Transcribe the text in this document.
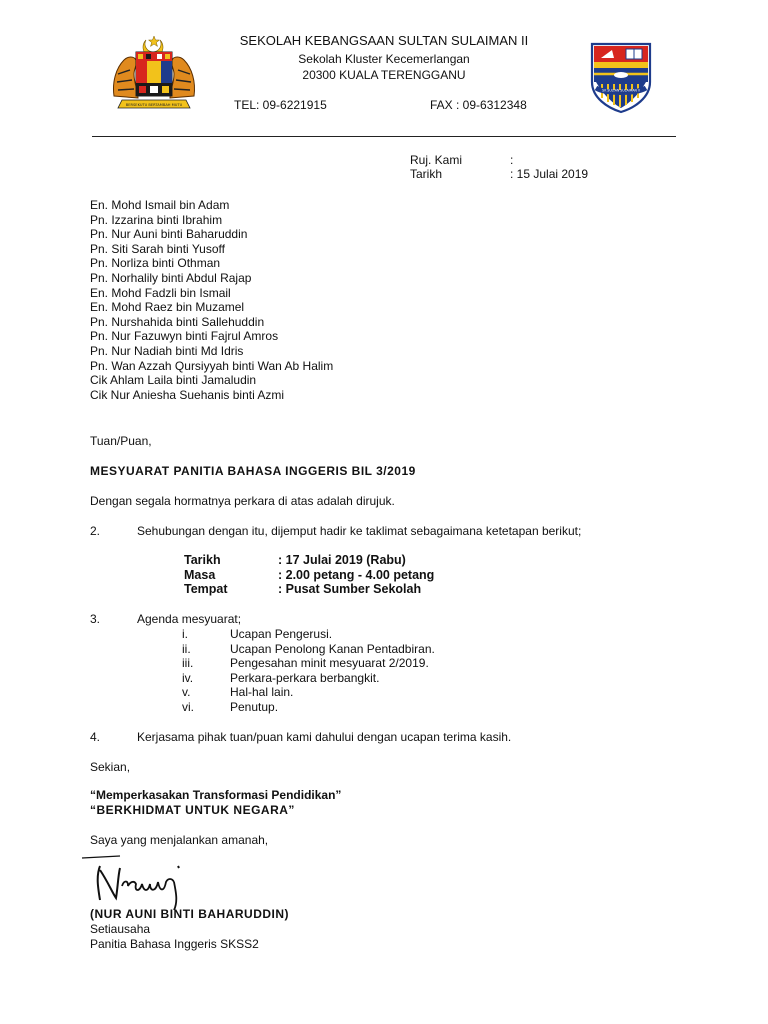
BERSEKUTU BERTAMBAH MUTU
SEKOLAH KEBANGSAAN SULTAN SULAIMAN II
Sekolah Kluster Kecemerlangan
20300 KUALA TERENGGANU
TEL: 09-6221915	FAX : 09-6312348
SK SULTAN SULAIMAN II
Ruj. Kami	:
Tarikh	: 15 Julai 2019
En. Mohd Ismail bin Adam
Pn. Izzarina binti Ibrahim
Pn. Nur Auni binti Baharuddin
Pn. Siti Sarah binti Yusoff
Pn. Norliza binti Othman
Pn. Norhalily binti Abdul Rajap
En. Mohd Fadzli bin Ismail
En. Mohd Raez bin Muzamel
Pn. Nurshahida binti Sallehuddin
Pn. Nur Fazuwyn binti Fajrul Amros
Pn. Nur Nadiah binti Md Idris
Pn. Wan Azzah Qursiyyah binti Wan Ab Halim
Cik Ahlam Laila binti Jamaludin
Cik Nur Aniesha Suehanis binti Azmi
Tuan/Puan,
MESYUARAT PANITIA BAHASA INGGERIS BIL 3/2019
Dengan segala hormatnya perkara di atas adalah dirujuk.
2.	Sehubungan dengan itu, dijemput hadir ke taklimat sebagaimana ketetapan berikut;
Tarikh	: 17 Julai 2019 (Rabu)
Masa	: 2.00 petang - 4.00 petang
Tempat	: Pusat Sumber Sekolah
3.	Agenda mesyuarat;
i.	Ucapan Pengerusi.
ii.	Ucapan Penolong Kanan Pentadbiran.
iii.	Pengesahan minit mesyuarat 2/2019.
iv.	Perkara-perkara berbangkit.
v.	Hal-hal lain.
vi.	Penutup.
4.	Kerjasama pihak tuan/puan kami dahului dengan ucapan terima kasih.
Sekian,
“Memperkasakan Transformasi Pendidikan”
“BERKHIDMAT UNTUK NEGARA”
Saya yang menjalankan amanah,
(NUR AUNI BINTI BAHARUDDIN)
Setiausaha
Panitia Bahasa Inggeris SKSS2
